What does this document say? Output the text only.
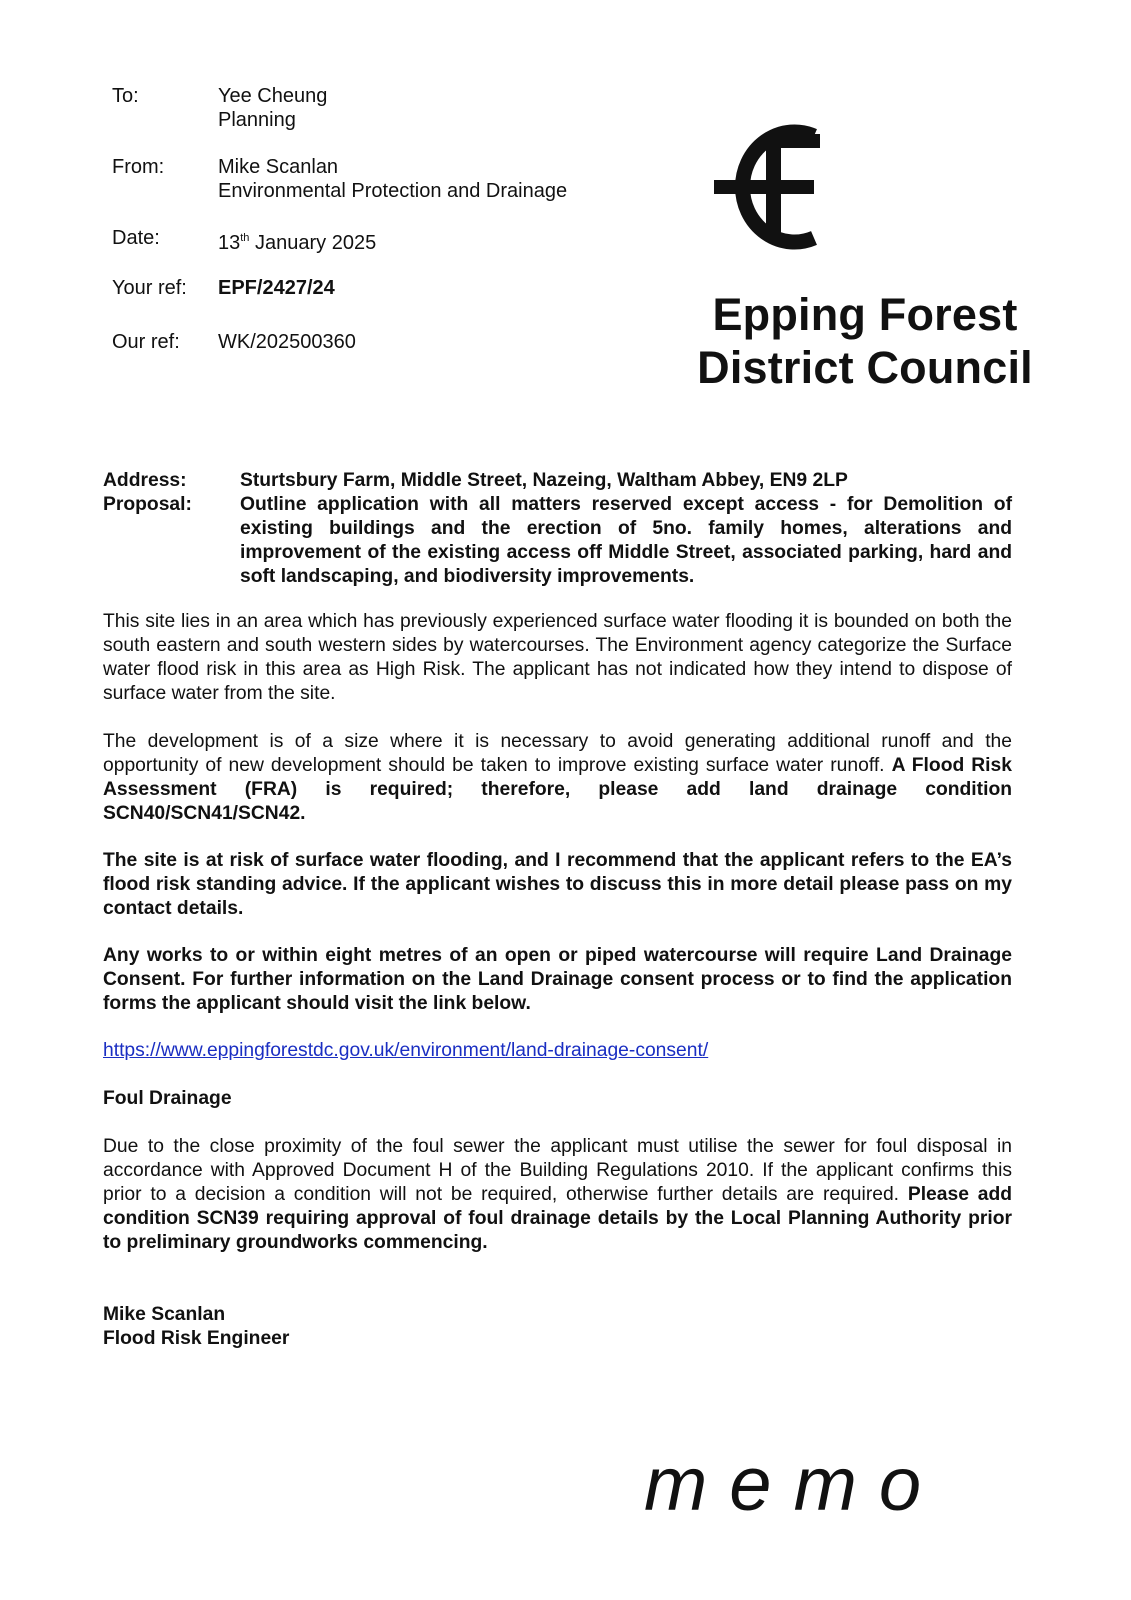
To:	Yee Cheung
Planning
From:	Mike Scanlan
Environmental Protection and Drainage
Date:	13th January 2025
Your ref: EPF/2427/24
Our ref: WK/202500360
Epping Forest
District Council
Address:	Sturtsbury Farm, Middle Street, Nazeing, Waltham Abbey, EN9 2LP
Proposal: Outline application with all matters reserved except access - for Demolition of existing buildings and the erection of 5no. family homes, alterations and improvement of the existing access off Middle Street, associated parking, hard and soft landscaping, and biodiversity improvements.
This site lies in an area which has previously experienced surface water flooding it is bounded on both the south eastern and south western sides by watercourses. The Environment agency categorize the Surface water flood risk in this area as High Risk. The applicant has not indicated how they intend to dispose of surface water from the site.
The development is of a size where it is necessary to avoid generating additional runoff and the opportunity of new development should be taken to improve existing surface water runoff. A Flood Risk Assessment (FRA) is required; therefore, please add land drainage condition SCN40/SCN41/SCN42.
The site is at risk of surface water flooding, and I recommend that the applicant refers to the EA’s flood risk standing advice. If the applicant wishes to discuss this in more detail please pass on my contact details.
Any works to or within eight metres of an open or piped watercourse will require Land Drainage Consent. For further information on the Land Drainage consent process or to find the application forms the applicant should visit the link below.
https://www.eppingforestdc.gov.uk/environment/land-drainage-consent/
Foul Drainage
Due to the close proximity of the foul sewer the applicant must utilise the sewer for foul disposal in accordance with Approved Document H of the Building Regulations 2010. If the applicant confirms this prior to a decision a condition will not be required, otherwise further details are required. Please add condition SCN39 requiring approval of foul drainage details by the Local Planning Authority prior to preliminary groundworks commencing.
Mike Scanlan
Flood Risk Engineer
memo
